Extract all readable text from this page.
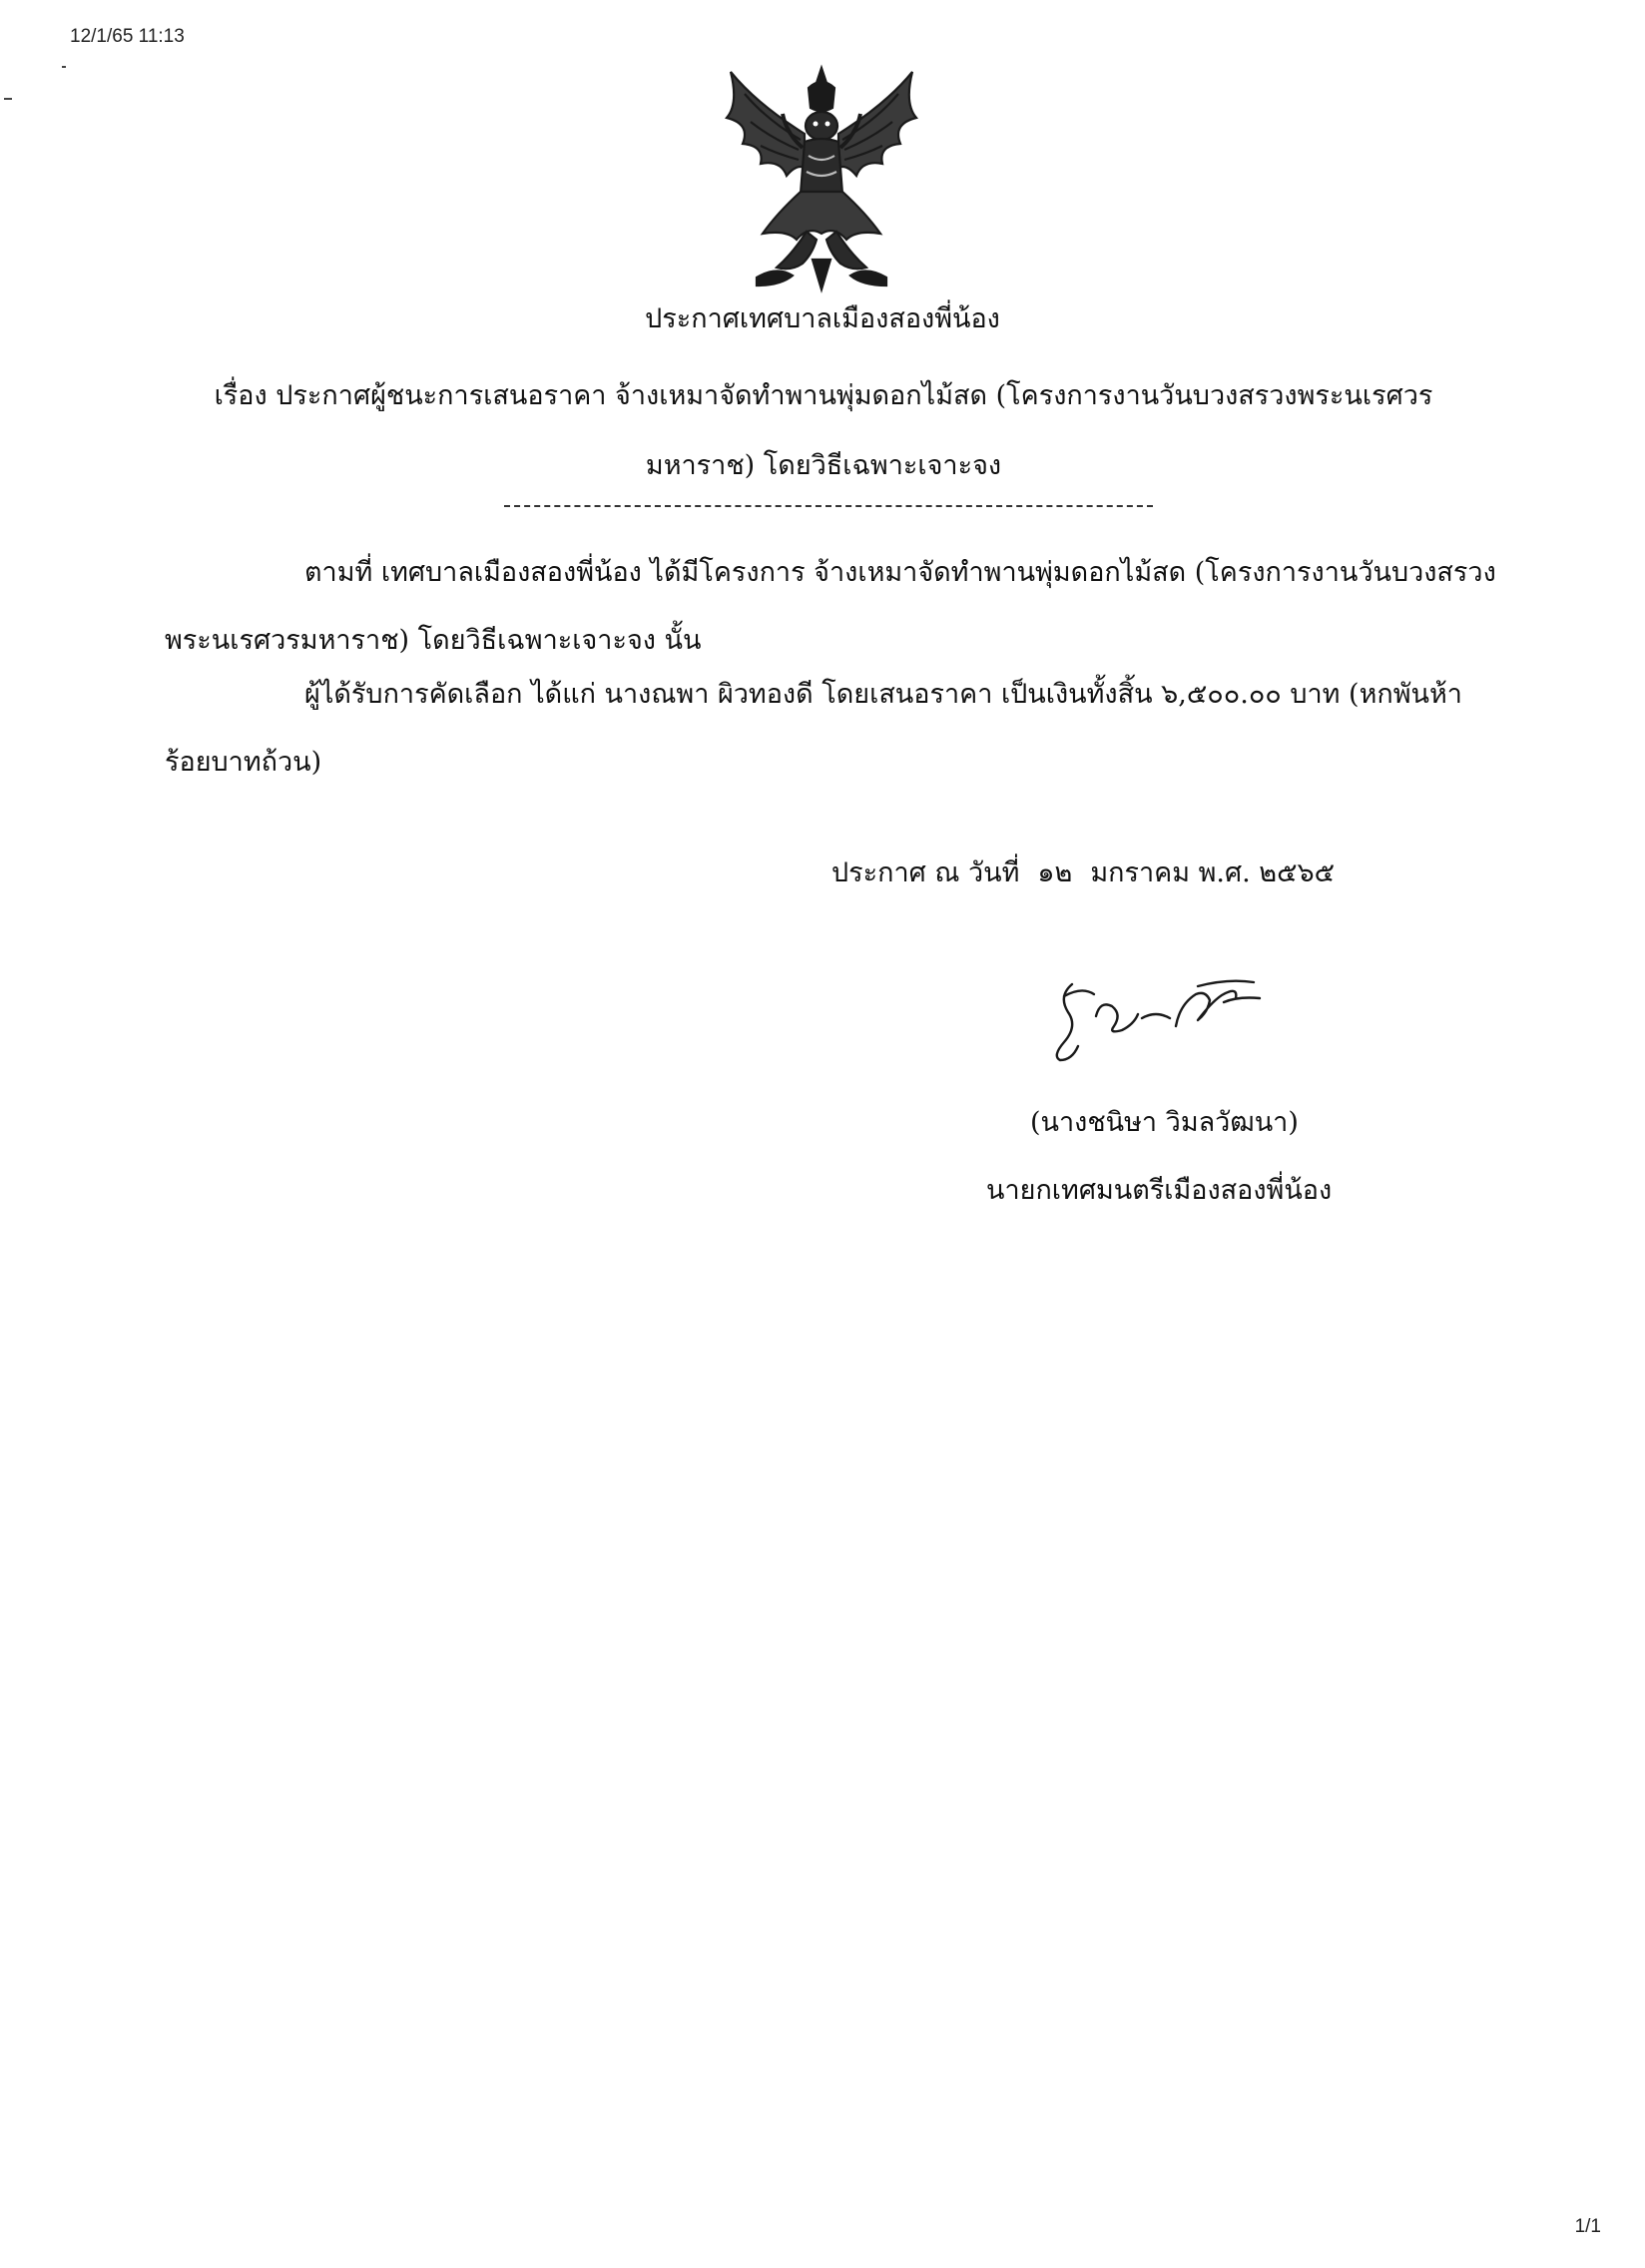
12/1/65 11:13
ประกาศเทศบาลเมืองสองพี่น้อง
เรื่อง ประกาศผู้ชนะการเสนอราคา จ้างเหมาจัดทำพานพุ่มดอกไม้สด (โครงการงานวันบวงสรวงพระนเรศวรมหาราช) โดยวิธีเฉพาะเจาะจง
ตามที่ เทศบาลเมืองสองพี่น้อง ได้มีโครงการ จ้างเหมาจัดทำพานพุ่มดอกไม้สด (โครงการงานวันบวงสรวงพระนเรศวรมหาราช) โดยวิธีเฉพาะเจาะจง นั้น
ผู้ได้รับการคัดเลือก ได้แก่ นางณพา ผิวทองดี โดยเสนอราคา เป็นเงินทั้งสิ้น ๖,๕๐๐.๐๐ บาท (หกพันห้าร้อยบาทถ้วน)
ประกาศ ณ วันที่ ๑๒ มกราคม พ.ศ. ๒๕๖๕
(นางชนิษา วิมลวัฒนา)
นายกเทศมนตรีเมืองสองพี่น้อง
1/1
